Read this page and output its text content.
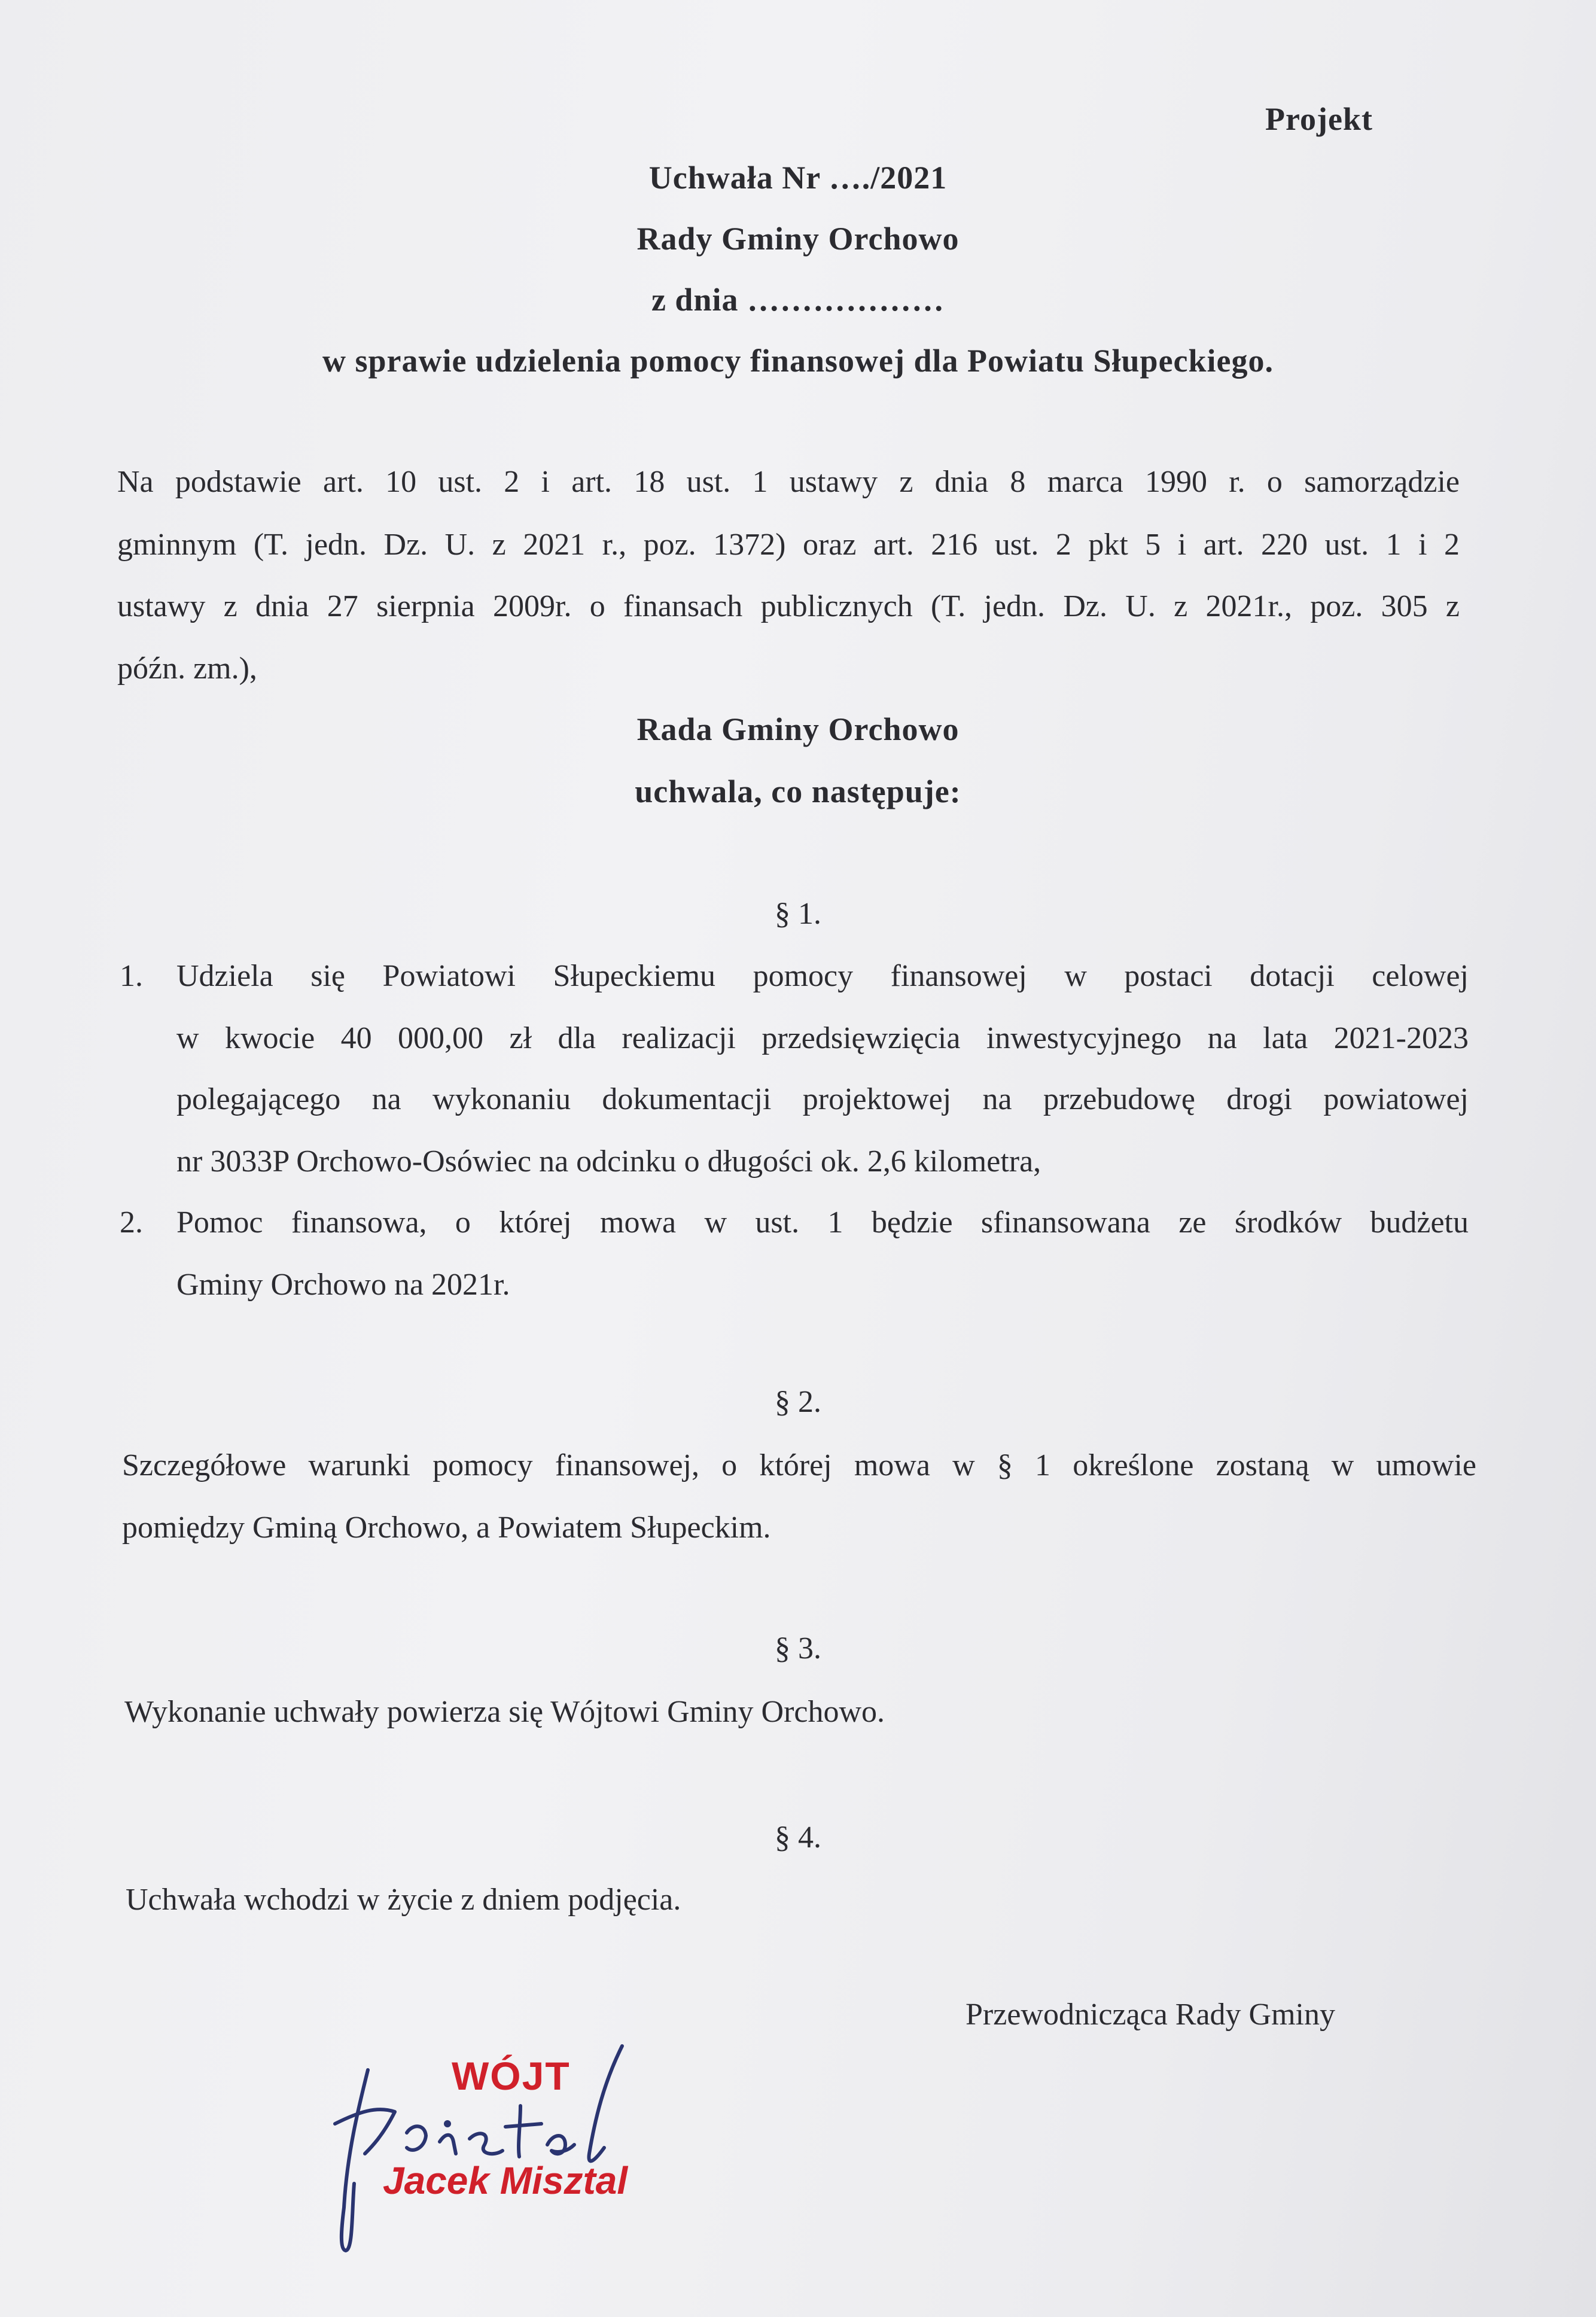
Projekt
Uchwała Nr …./2021
Rady Gminy Orchowo
z dnia ………………
w sprawie udzielenia pomocy finansowej dla Powiatu Słupeckiego.
Na podstawie art. 10 ust. 2 i art. 18 ust. 1 ustawy z dnia 8 marca 1990 r. o samorządzie
gminnym (T. jedn. Dz. U. z 2021 r., poz. 1372) oraz art. 216 ust. 2 pkt 5 i art. 220 ust. 1 i 2
ustawy z dnia 27 sierpnia 2009r. o finansach publicznych (T. jedn. Dz. U. z 2021r., poz. 305 z
późn. zm.),
Rada Gminy Orchowo
uchwala, co następuje:
§ 1.
1. Udziela się Powiatowi Słupeckiemu pomocy finansowej w postaci dotacji celowej
w kwocie 40 000,00 zł dla realizacji przedsięwzięcia inwestycyjnego na lata 2021-2023
polegającego na wykonaniu dokumentacji projektowej na przebudowę drogi powiatowej
nr 3033P Orchowo-Osówiec na odcinku o długości ok. 2,6 kilometra,
2. Pomoc finansowa, o której mowa w ust. 1 będzie sfinansowana ze środków budżetu
Gminy Orchowo na 2021r.
§ 2.
Szczegółowe warunki pomocy finansowej, o której mowa w § 1 określone zostaną w umowie
pomiędzy Gminą Orchowo, a Powiatem Słupeckim.
§ 3.
Wykonanie uchwały powierza się Wójtowi Gminy Orchowo.
§ 4.
Uchwała wchodzi w życie z dniem podjęcia.
Przewodnicząca Rady Gminy
WÓJT
Jacek Misztal
